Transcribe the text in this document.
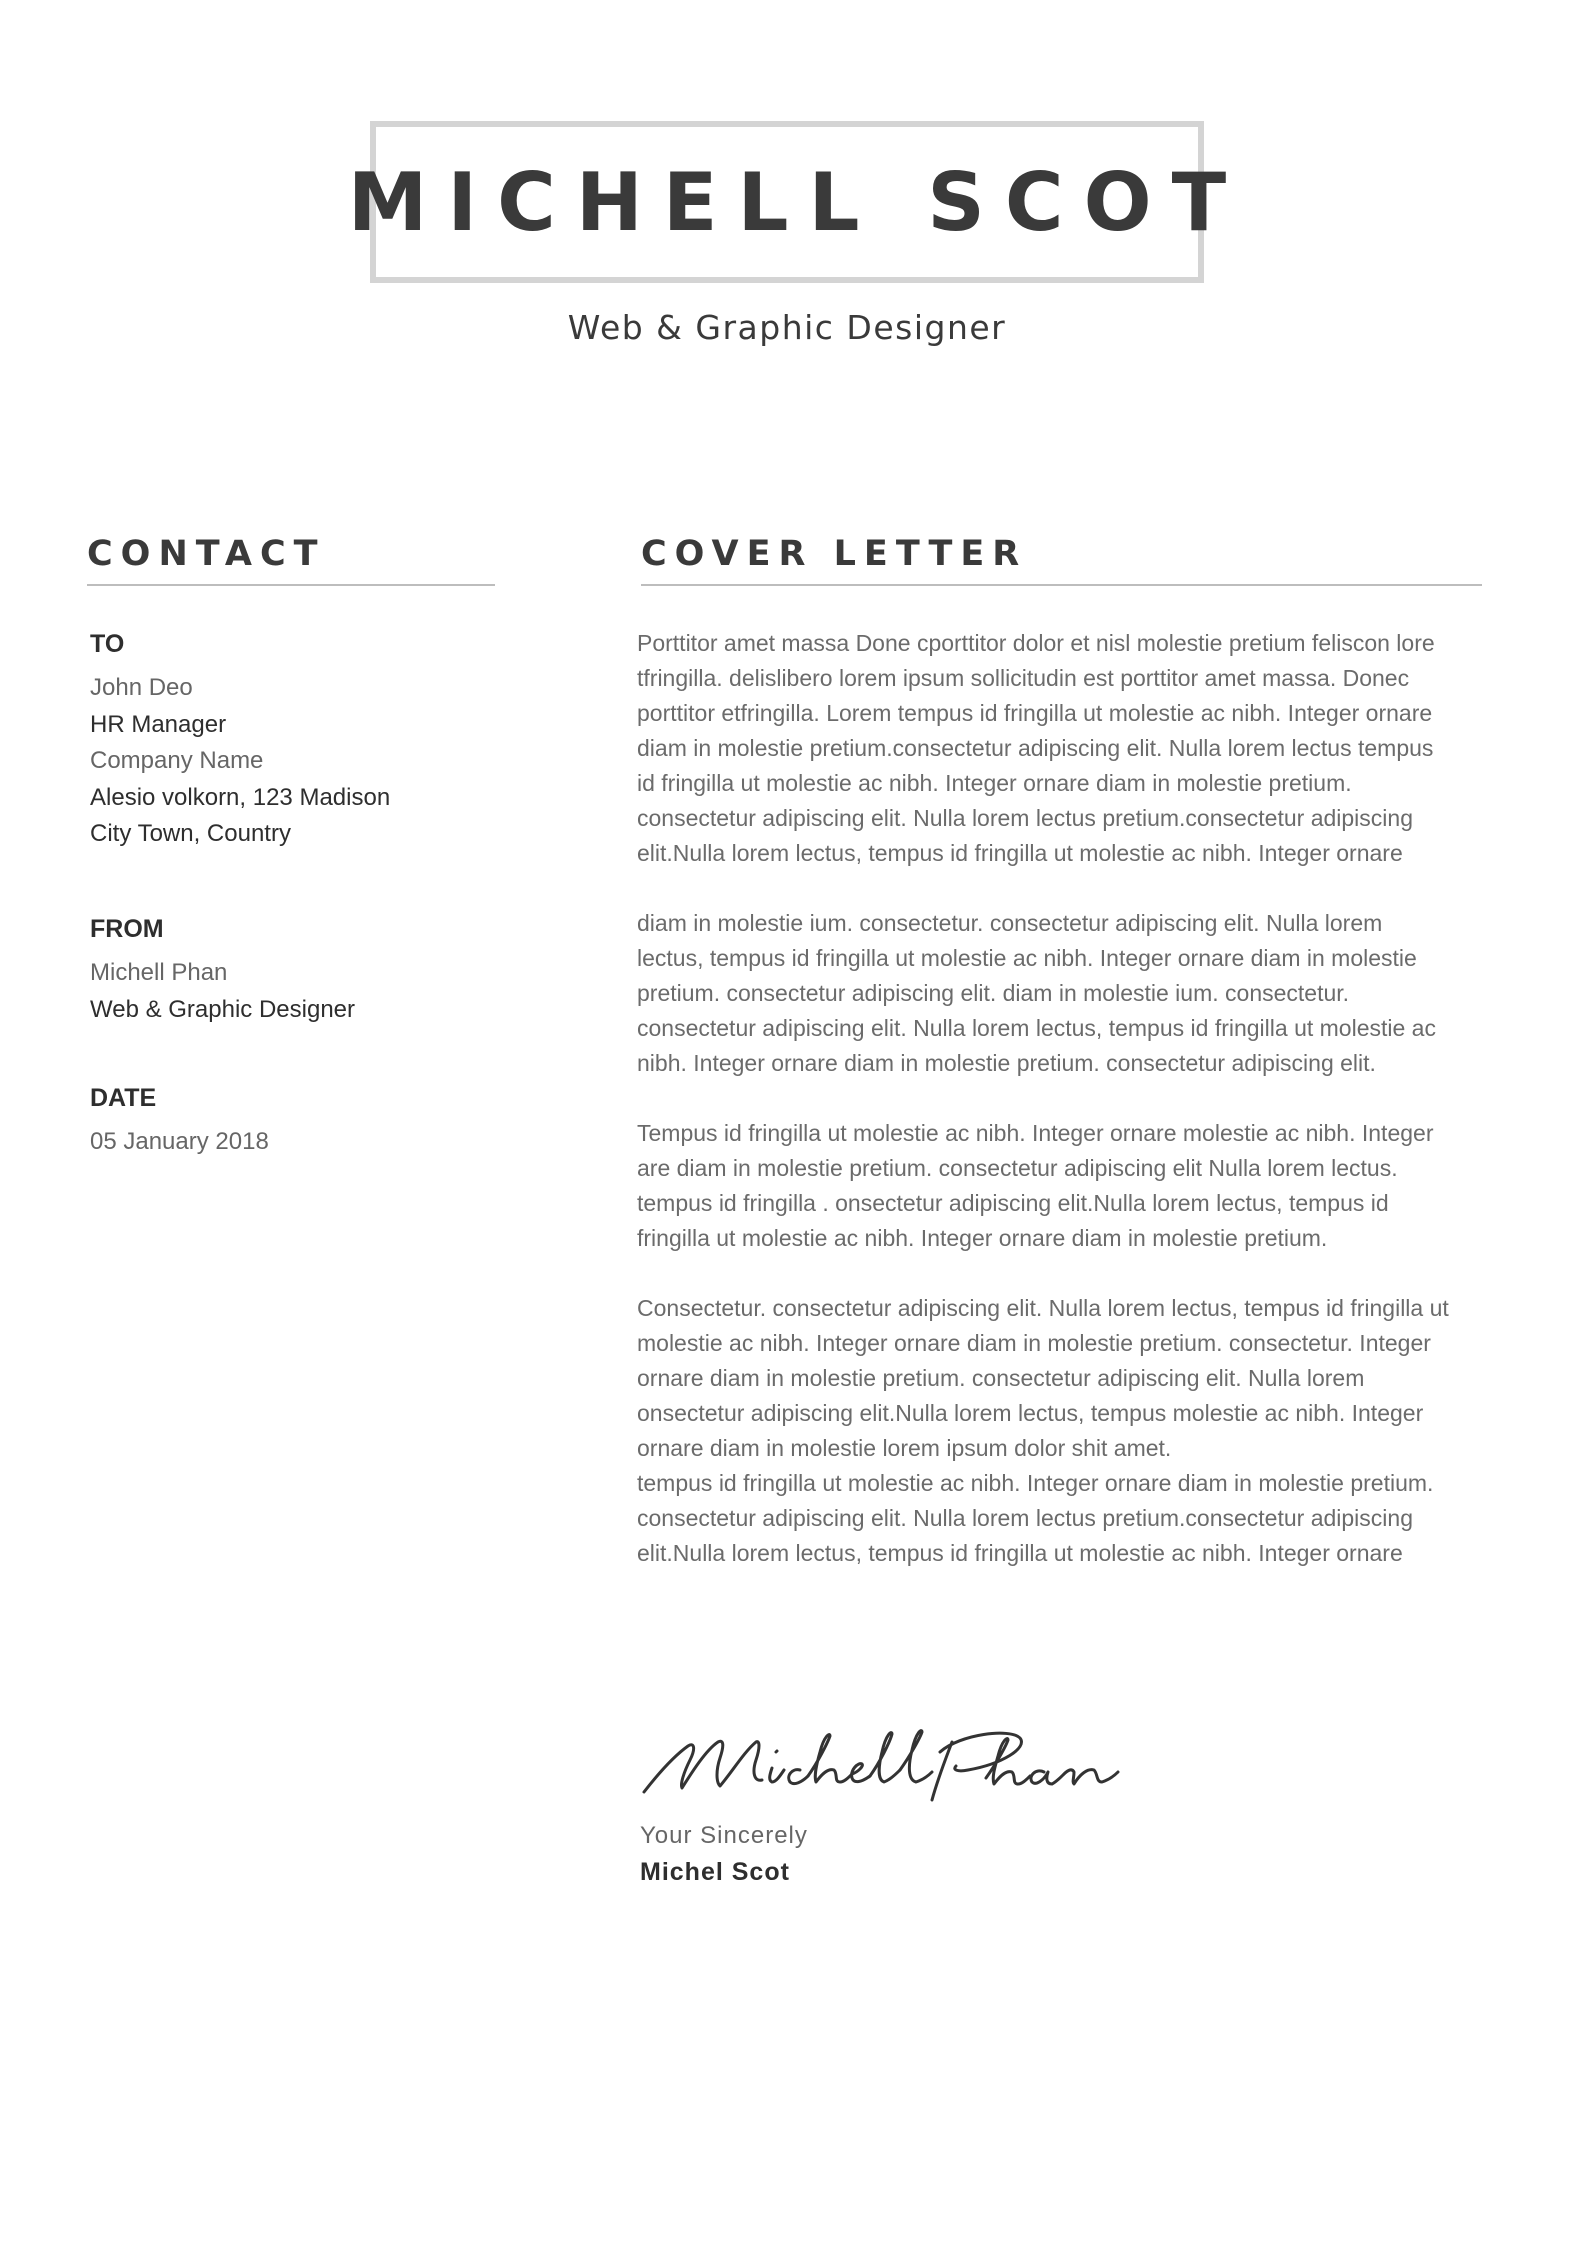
MICHELL SCOT
Web & Graphic Designer
CONTACT
TO
John Deo
HR Manager
Company Name
Alesio volkorn, 123 Madison
City Town, Country
FROM
Michell Phan
Web & Graphic Designer
DATE
05 January 2018
COVER LETTER

Porttitor amet massa Done cporttitor dolor et nisl molestie pretium feliscon lore
tfringilla. delislibero lorem ipsum sollicitudin est porttitor amet massa. Donec
porttitor etfringilla. Lorem tempus id fringilla ut molestie ac nibh. Integer ornare
diam in molestie pretium.consectetur adipiscing elit. Nulla lorem lectus tempus
id fringilla ut molestie ac nibh. Integer ornare diam in molestie pretium.
consectetur adipiscing elit. Nulla lorem lectus pretium.consectetur adipiscing
elit.Nulla lorem lectus, tempus id fringilla ut molestie ac nibh. Integer ornare

diam in molestie ium. consectetur. consectetur adipiscing elit. Nulla lorem
lectus, tempus id fringilla ut molestie ac nibh. Integer ornare diam in molestie
pretium. consectetur adipiscing elit. diam in molestie ium. consectetur.
consectetur adipiscing elit. Nulla lorem lectus, tempus id fringilla ut molestie ac
nibh. Integer ornare diam in molestie pretium. consectetur adipiscing elit.

Tempus id fringilla ut molestie ac nibh. Integer ornare molestie ac nibh. Integer
are diam in molestie pretium. consectetur adipiscing elit Nulla lorem lectus.
tempus id fringilla . onsectetur adipiscing elit.Nulla lorem lectus, tempus id
fringilla ut molestie ac nibh. Integer ornare diam in molestie pretium.

Consectetur. consectetur adipiscing elit. Nulla lorem lectus, tempus id fringilla ut
molestie ac nibh. Integer ornare diam in molestie pretium. consectetur. Integer
ornare diam in molestie pretium. consectetur adipiscing elit. Nulla lorem
onsectetur adipiscing elit.Nulla lorem lectus, tempus molestie ac nibh. Integer
ornare diam in molestie lorem ipsum dolor shit amet.
tempus id fringilla ut molestie ac nibh. Integer ornare diam in molestie pretium.
consectetur adipiscing elit. Nulla lorem lectus pretium.consectetur adipiscing
elit.Nulla lorem lectus, tempus id fringilla ut molestie ac nibh. Integer ornare

Your Sincerely
Michel Scot
